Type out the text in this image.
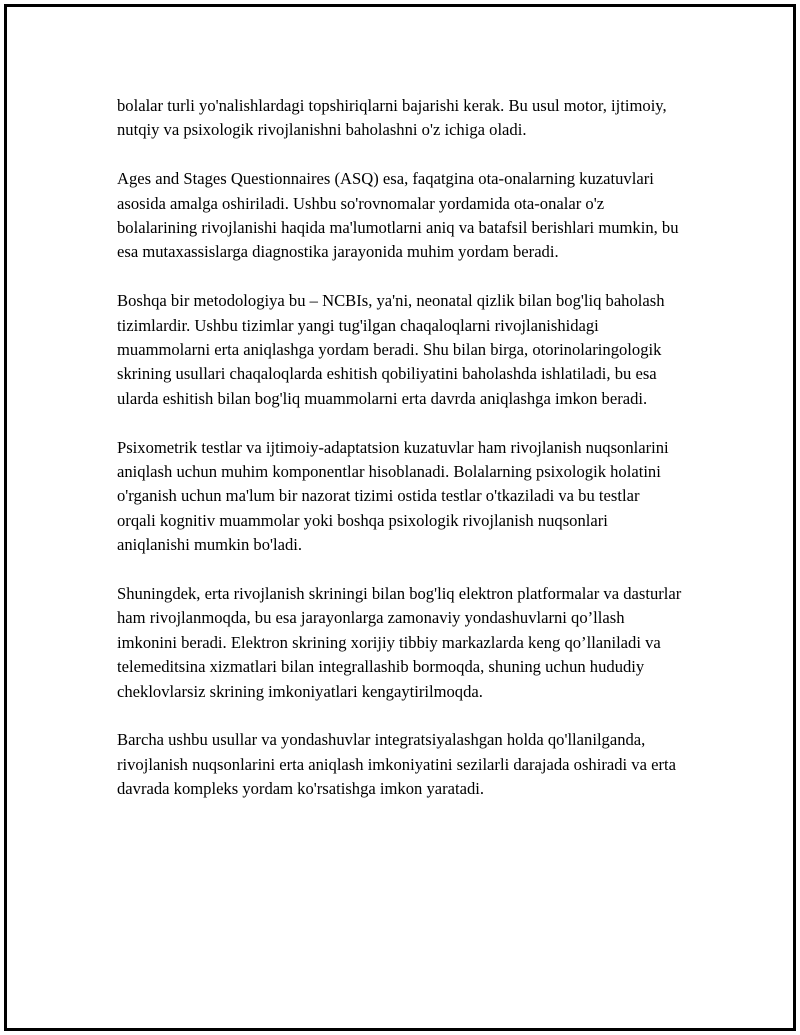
bolalar turli yo'nalishlardagi topshiriqlarni bajarishi kerak. Bu usul motor, ijtimoiy, nutqiy va psixologik rivojlanishni baholashni o'z ichiga oladi.

Ages and Stages Questionnaires (ASQ) esa, faqatgina ota-onalarning kuzatuvlari asosida amalga oshiriladi. Ushbu so'rovnomalar yordamida ota-onalar o'z bolalarining rivojlanishi haqida ma'lumotlarni aniq va batafsil berishlari mumkin, bu esa mutaxassislarga diagnostika jarayonida muhim yordam beradi.

Boshqa bir metodologiya bu – NCBIs, ya'ni, neonatal qizlik bilan bog'liq baholash tizimlardir. Ushbu tizimlar yangi tug'ilgan chaqaloqlarni rivojlanishidagi muammolarni erta aniqlashga yordam beradi. Shu bilan birga, otorinolaringologik skrining usullari chaqaloqlarda eshitish qobiliyatini baholashda ishlatiladi, bu esa ularda eshitish bilan bog'liq muammolarni erta davrda aniqlashga imkon beradi.

Psixometrik testlar va ijtimoiy-adaptatsion kuzatuvlar ham rivojlanish nuqsonlarini aniqlash uchun muhim komponentlar hisoblanadi. Bolalarning psixologik holatini o'rganish uchun ma'lum bir nazorat tizimi ostida testlar o'tkaziladi va bu testlar orqali kognitiv muammolar yoki boshqa psixologik rivojlanish nuqsonlari aniqlanishi mumkin bo'ladi.

Shuningdek, erta rivojlanish skriningi bilan bog'liq elektron platformalar va dasturlar ham rivojlanmoqda, bu esa jarayonlarga zamonaviy yondashuvlarni qo’llash imkonini beradi. Elektron skrining xorijiy tibbiy markazlarda keng qo’llaniladi va telemeditsina xizmatlari bilan integrallashib bormoqda, shuning uchun hududiy cheklovlarsiz skrining imkoniyatlari kengaytirilmoqda.

Barcha ushbu usullar va yondashuvlar integratsiyalashgan holda qo'llanilganda, rivojlanish nuqsonlarini erta aniqlash imkoniyatini sezilarli darajada oshiradi va erta davrada kompleks yordam ko'rsatishga imkon yaratadi.
